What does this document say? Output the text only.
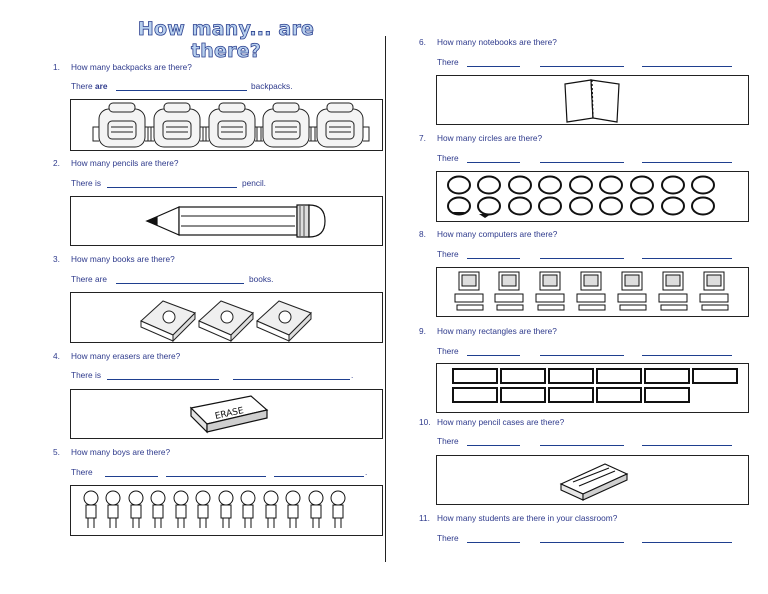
How many... are there?
1. How many backpacks are there?
There are	backpacks.
2. How many pencils are there?
There is	pencil.
3. How many books are there?
There are	books.
4. How many erasers are there?
There is	.
ERASE
5. How many boys are there?
There	.
6. How many notebooks are there?
There
7. How many circles are there?
There
8. How many computers are there?
There
9. How many rectangles are there?
There
10. How many pencil cases are there?
There
11. How many students are there in your classroom?
There
